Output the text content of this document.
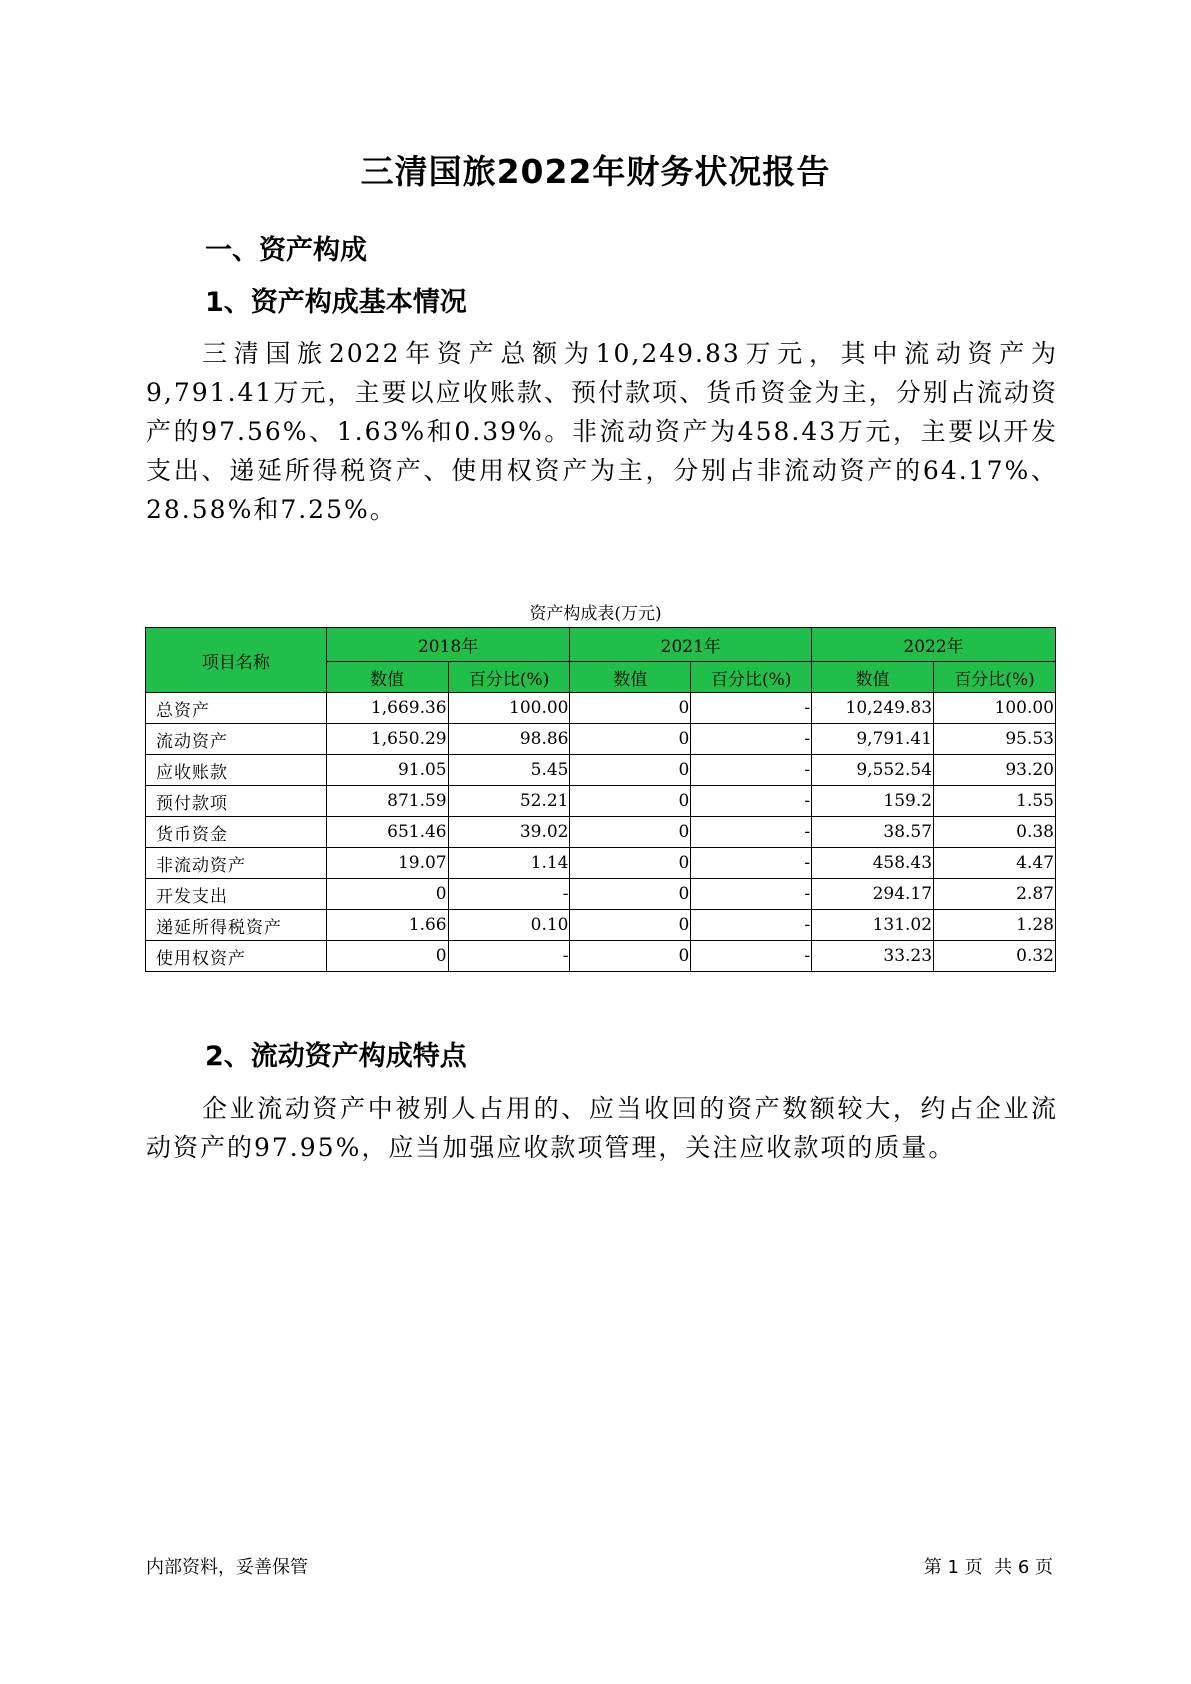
三清国旅2022年财务状况报告
一、资产构成
1、资产构成基本情况
三清国旅2022年资产总额为10,249.83万元，其中流动资产为9,791.41万元，主要以应收账款、预付款项、货币资金为主，分别占流动资产的97.56%、1.63%和0.39%。非流动资产为458.43万元，主要以开发支出、递延所得税资产、使用权资产为主，分别占非流动资产的64.17%、28.58%和7.25%。
资产构成表(万元)
项目名称	2018年		2021年		2022年	
	数值	百分比(%)	数值	百分比(%)	数值	百分比(%)
总资产	1,669.36	100.00	0	-	10,249.83	100.00
流动资产	1,650.29	98.86	0	-	9,791.41	95.53
应收账款	91.05	5.45	0	-	9,552.54	93.20
预付款项	871.59	52.21	0	-	159.2	1.55
货币资金	651.46	39.02	0	-	38.57	0.38
非流动资产	19.07	1.14	0	-	458.43	4.47
开发支出	0	-	0	-	294.17	2.87
递延所得税资产	1.66	0.10	0	-	131.02	1.28
使用权资产	0	-	0	-	33.23	0.32
2、流动资产构成特点
企业流动资产中被别人占用的、应当收回的资产数额较大，约占企业流动资产的97.95%，应当加强应收款项管理，关注应收款项的质量。
内部资料，妥善保管	第 1 页  共 6 页
